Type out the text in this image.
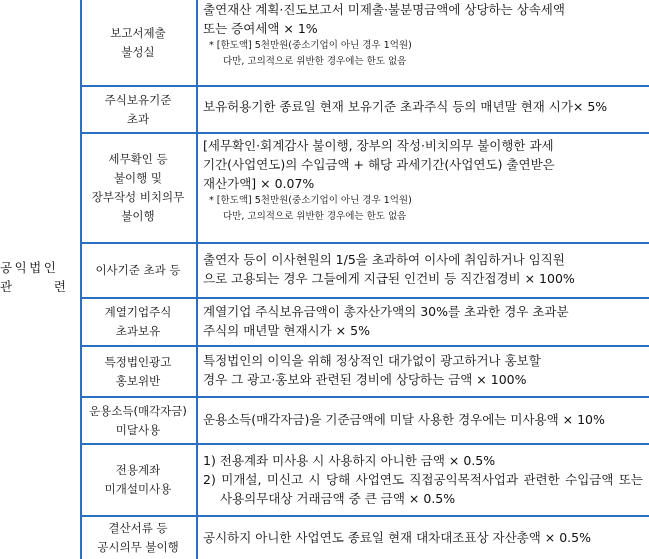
공익법인
관	련
보고서제출
불성실

출연재산 계획·진도보고서 미제출·불분명금액에 상당하는 상속세액

또는 증여세액 × 1%

* [한도액] 5천만원(중소기업이 아닌 경우 1억원)
다만, 고의적으로 위반한 경우에는 한도 없음
주식보유기준
초과

보유허용기한 종료일 현재 보유기준 초과주식 등의 매년말 현재 시가× 5%

세무확인 등
불이행 및
장부작성 비치의무
불이행

[세무확인·회계감사 불이행, 장부의 작성·비치의무 불이행한 과세

기간(사업연도)의 수입금액 + 해당 과세기간(사업연도) 출연받은

재산가액] × 0.07%

* [한도액] 5천만원(중소기업이 아닌 경우 1억원)
다만, 고의적으로 위반한 경우에는 한도 없음
이사기준 초과 등

출연자 등이 이사현원의 1/5을 초과하여 이사에 취임하거나 임직원

으로 고용되는 경우 그들에게 지급된 인건비 등 직간접경비 × 100%

계열기업주식
초과보유

계열기업 주식보유금액이 총자산가액의 30%를 초과한 경우 초과분

주식의 매년말 현재시가 × 5%

특정법인광고
홍보위반

특정법인의 이익을 위해 정상적인 대가없이 광고하거나 홍보할

경우 그 광고·홍보와 관련된 경비에 상당하는 금액 × 100%

운용소득(매각자금)
미달사용

운용소득(매각자금)을 기준금액에 미달 사용한 경우에는 미사용액 × 10%

전용계좌
미개설미사용

1) 전용계좌 미사용 시 사용하지 아니한 금액 × 0.5%

2) 미개설, 미신고 시 당해 사업연도 직접공익목적사업과 관련한 수입금액 또는 사용의무대상 거래금액 중 큰 금액 × 0.5%

결산서류 등
공시의무 불이행

공시하지 아니한 사업연도 종료일 현재 대차대조표상 자산총액 × 0.5%
